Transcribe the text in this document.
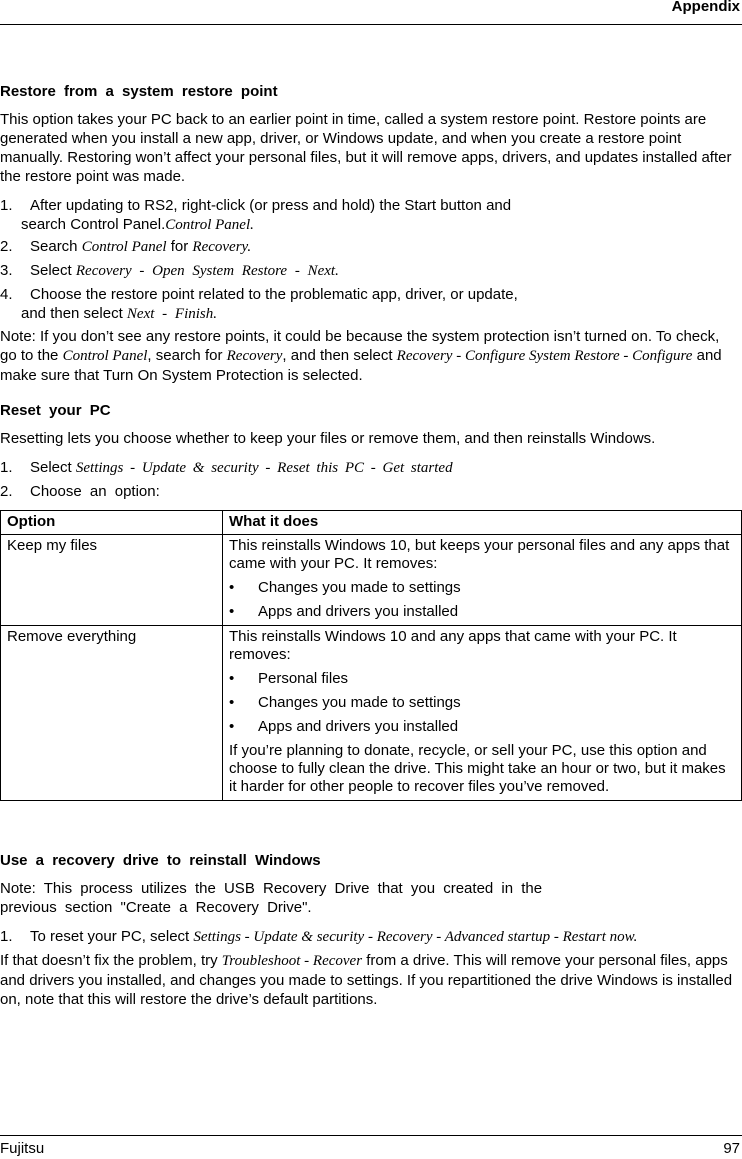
Appendix
Restore from a system restore point
This option takes your PC back to an earlier point in time, called a system restore point. Restore points are generated when you install a new app, driver, or Windows update, and when you create a restore point manually. Restoring won’t affect your personal files, but it will remove apps, drivers, and updates installed after the restore point was made.
1. After updating to RS2, right-click (or press and hold) the Start button and
search Control Panel.Control Panel.
2. Search Control Panel for Recovery.
3. Select Recovery - Open System Restore - Next.
4. Choose the restore point related to the problematic app, driver, or update,
and then select Next - Finish.
Note: If you don’t see any restore points, it could be because the system protection isn’t turned on. To check, go to the Control Panel, search for Recovery, and then select Recovery - Configure System Restore - Configure and make sure that Turn On System Protection is selected.
Reset your PC
Resetting lets you choose whether to keep your files or remove them, and then reinstalls Windows.
1. Select Settings - Update & security - Reset this PC - Get started
2. Choose an option:
Option	What it does
Keep my files	This reinstalls Windows 10, but keeps your personal files and any apps that came with your PC. It removes:
• Changes you made to settings
• Apps and drivers you installed

Remove everything	This reinstalls Windows 10 and any apps that came with your PC. It removes:
• Personal files
• Changes you made to settings
• Apps and drivers you installed
If you’re planning to donate, recycle, or sell your PC, use this option and choose to fully clean the drive. This might take an hour or two, but it makes it harder for other people to recover files you’ve removed.
Use a recovery drive to reinstall Windows
Note: This process utilizes the USB Recovery Drive that you created in the
previous section "Create a Recovery Drive".
1. To reset your PC, select Settings - Update & security - Recovery - Advanced startup - Restart now.
If that doesn’t fix the problem, try Troubleshoot - Recover from a drive. This will remove your personal files, apps and drivers you installed, and changes you made to settings. If you repartitioned the drive Windows is installed on, note that this will restore the drive’s default partitions.
Fujitsu	97
